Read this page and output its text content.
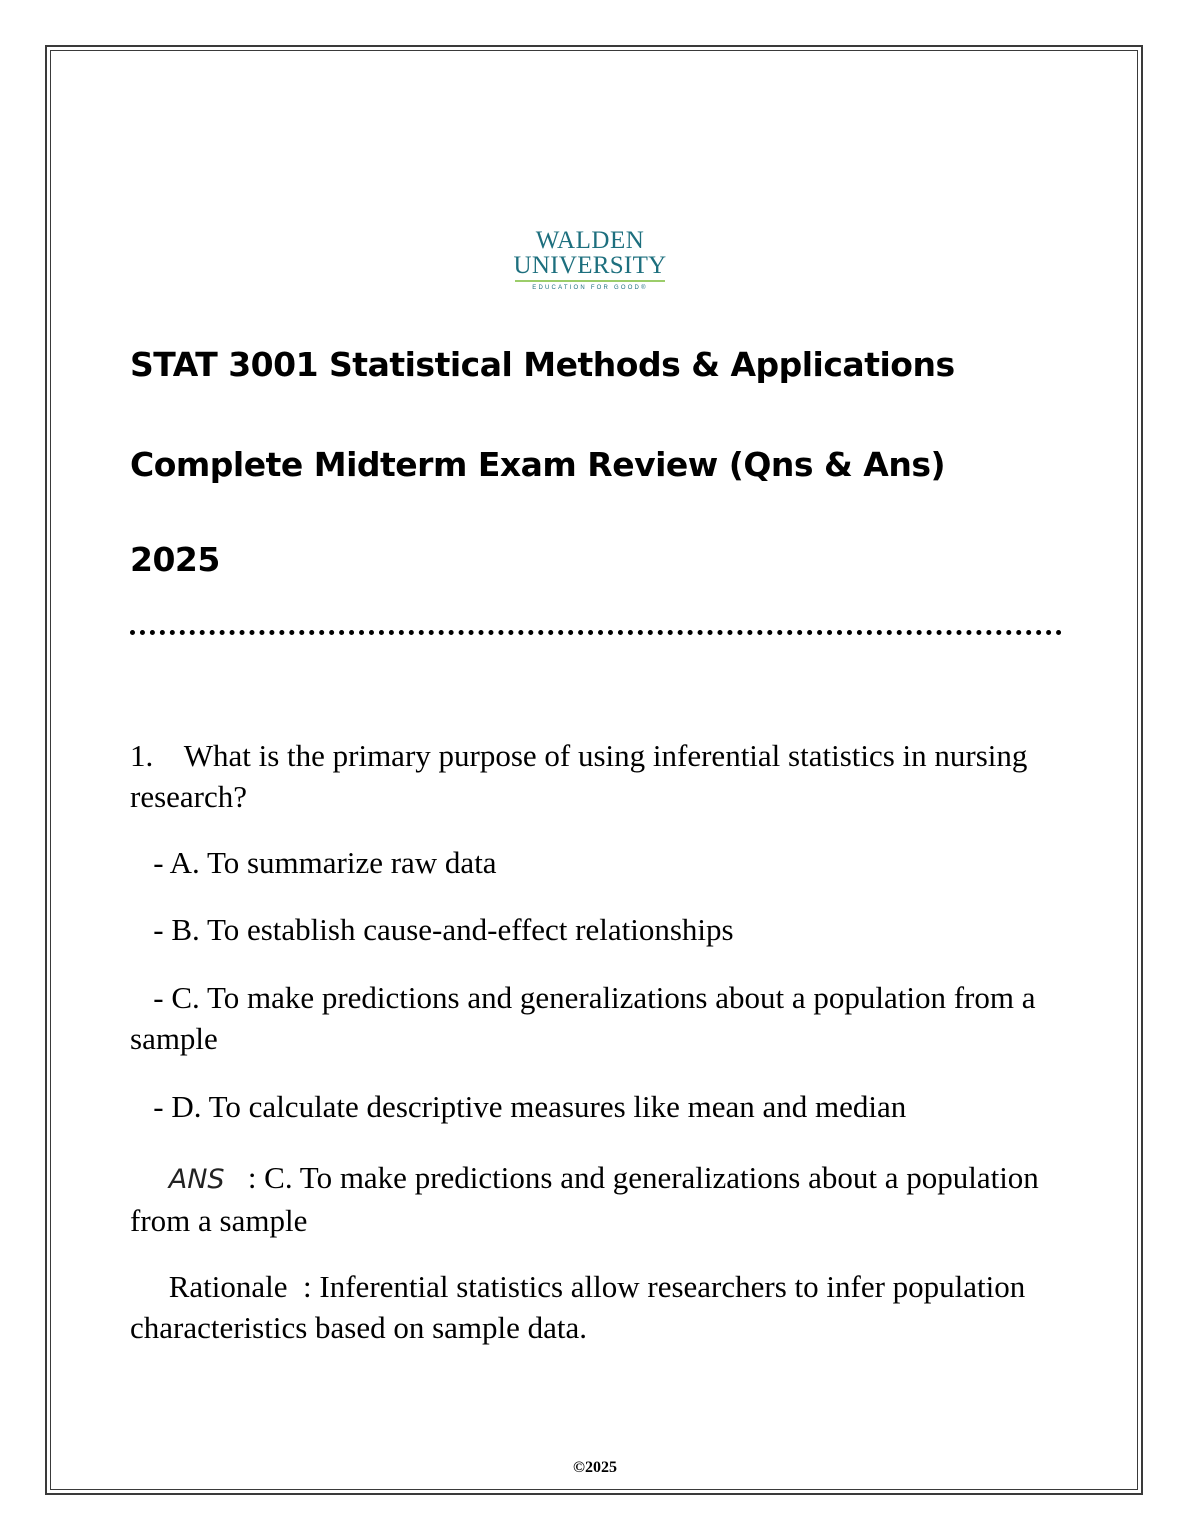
WALDEN
UNIVERSITY
EDUCATION FOR GOOD®
STAT 3001 Statistical Methods & Applications
Complete Midterm Exam Review (Qns & Ans)
2025
1. What is the primary purpose of using inferential statistics in nursing research?
- A. To summarize raw data
- B. To establish cause-and-effect relationships
- C. To make predictions and generalizations about a population from a sample
- D. To calculate descriptive measures like mean and median
ANS : C. To make predictions and generalizations about a population from a sample
Rationale : Inferential statistics allow researchers to infer population characteristics based on sample data.
©2025
